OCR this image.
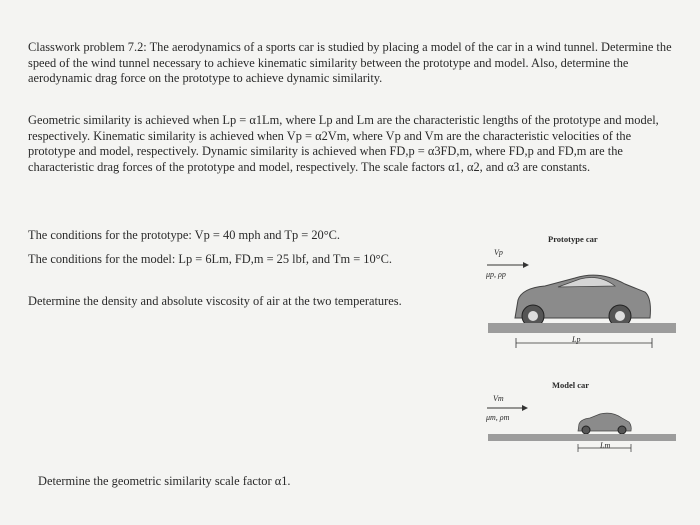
Classwork problem 7.2: The aerodynamics of a sports car is studied by placing a model of the car in a wind tunnel. Determine the speed of the wind tunnel necessary to achieve kinematic similarity between the prototype and model. Also, determine the aerodynamic drag force on the prototype to achieve dynamic similarity.
Geometric similarity is achieved when Lp = α1Lm, where Lp and Lm are the characteristic lengths of the prototype and model, respectively. Kinematic similarity is achieved when Vp = α2Vm, where Vp and Vm are the characteristic velocities of the prototype and model, respectively. Dynamic similarity is achieved when FD,p = α3FD,m, where FD,p and FD,m are the characteristic drag forces of the prototype and model, respectively. The scale factors α1, α2, and α3 are constants.
The conditions for the prototype: Vp = 40 mph and Tp = 20°C.
The conditions for the model: Lp = 6Lm, FD,m = 25 lbf, and Tm = 10°C.
Determine the density and absolute viscosity of air at the two temperatures.
Determine the geometric similarity scale factor α1.
Prototype car
Vp
μp, ρp
Lp
Model car
Vm
μm, ρm
Lm
